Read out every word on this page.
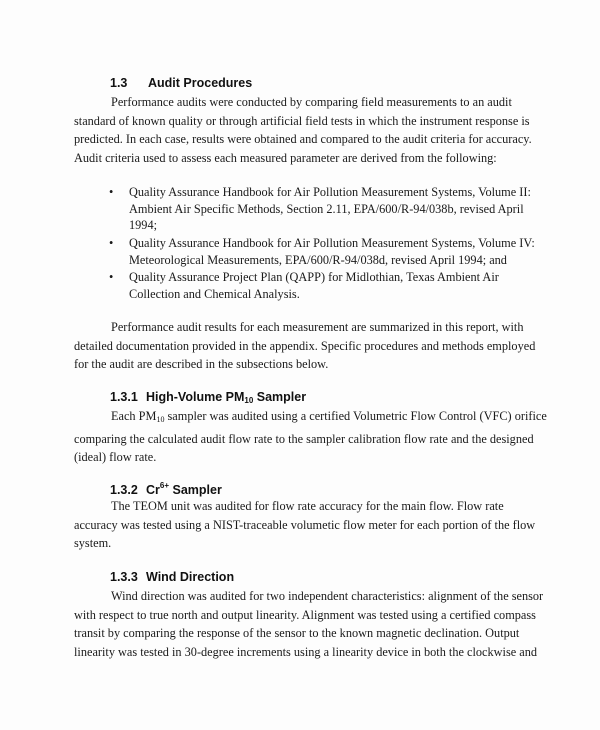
1.3 Audit Procedures
Performance audits were conducted by comparing field measurements to an audit
standard of known quality or through artificial field tests in which the instrument response is
predicted. In each case, results were obtained and compared to the audit criteria for accuracy.
Audit criteria used to assess each measured parameter are derived from the following:
• Quality Assurance Handbook for Air Pollution Measurement Systems, Volume II:
Ambient Air Specific Methods, Section 2.11, EPA/600/R-94/038b, revised April
1994;
• Quality Assurance Handbook for Air Pollution Measurement Systems, Volume IV:
Meteorological Measurements, EPA/600/R-94/038d, revised April 1994; and
• Quality Assurance Project Plan (QAPP) for Midlothian, Texas Ambient Air
Collection and Chemical Analysis.
Performance audit results for each measurement are summarized in this report, with
detailed documentation provided in the appendix. Specific procedures and methods employed
for the audit are described in the subsections below.
1.3.1 High-Volume $PM_{10}$ Sampler
Each $PM_{10}$ sampler was audited using a certified Volumetric Flow Control (VFC) orifice
comparing the calculated audit flow rate to the sampler calibration flow rate and the designed
(ideal) flow rate.
1.3.2 $Cr^{6+}$ Sampler
The TEOM unit was audited for flow rate accuracy for the main flow. Flow rate
accuracy was tested using a NIST-traceable volumetic flow meter for each portion of the flow
system.
1.3.3 Wind Direction
Wind direction was audited for two independent characteristics: alignment of the sensor
with respect to true north and output linearity. Alignment was tested using a certified compass
transit by comparing the response of the sensor to the known magnetic declination. Output
linearity was tested in 30-degree increments using a linearity device in both the clockwise and
